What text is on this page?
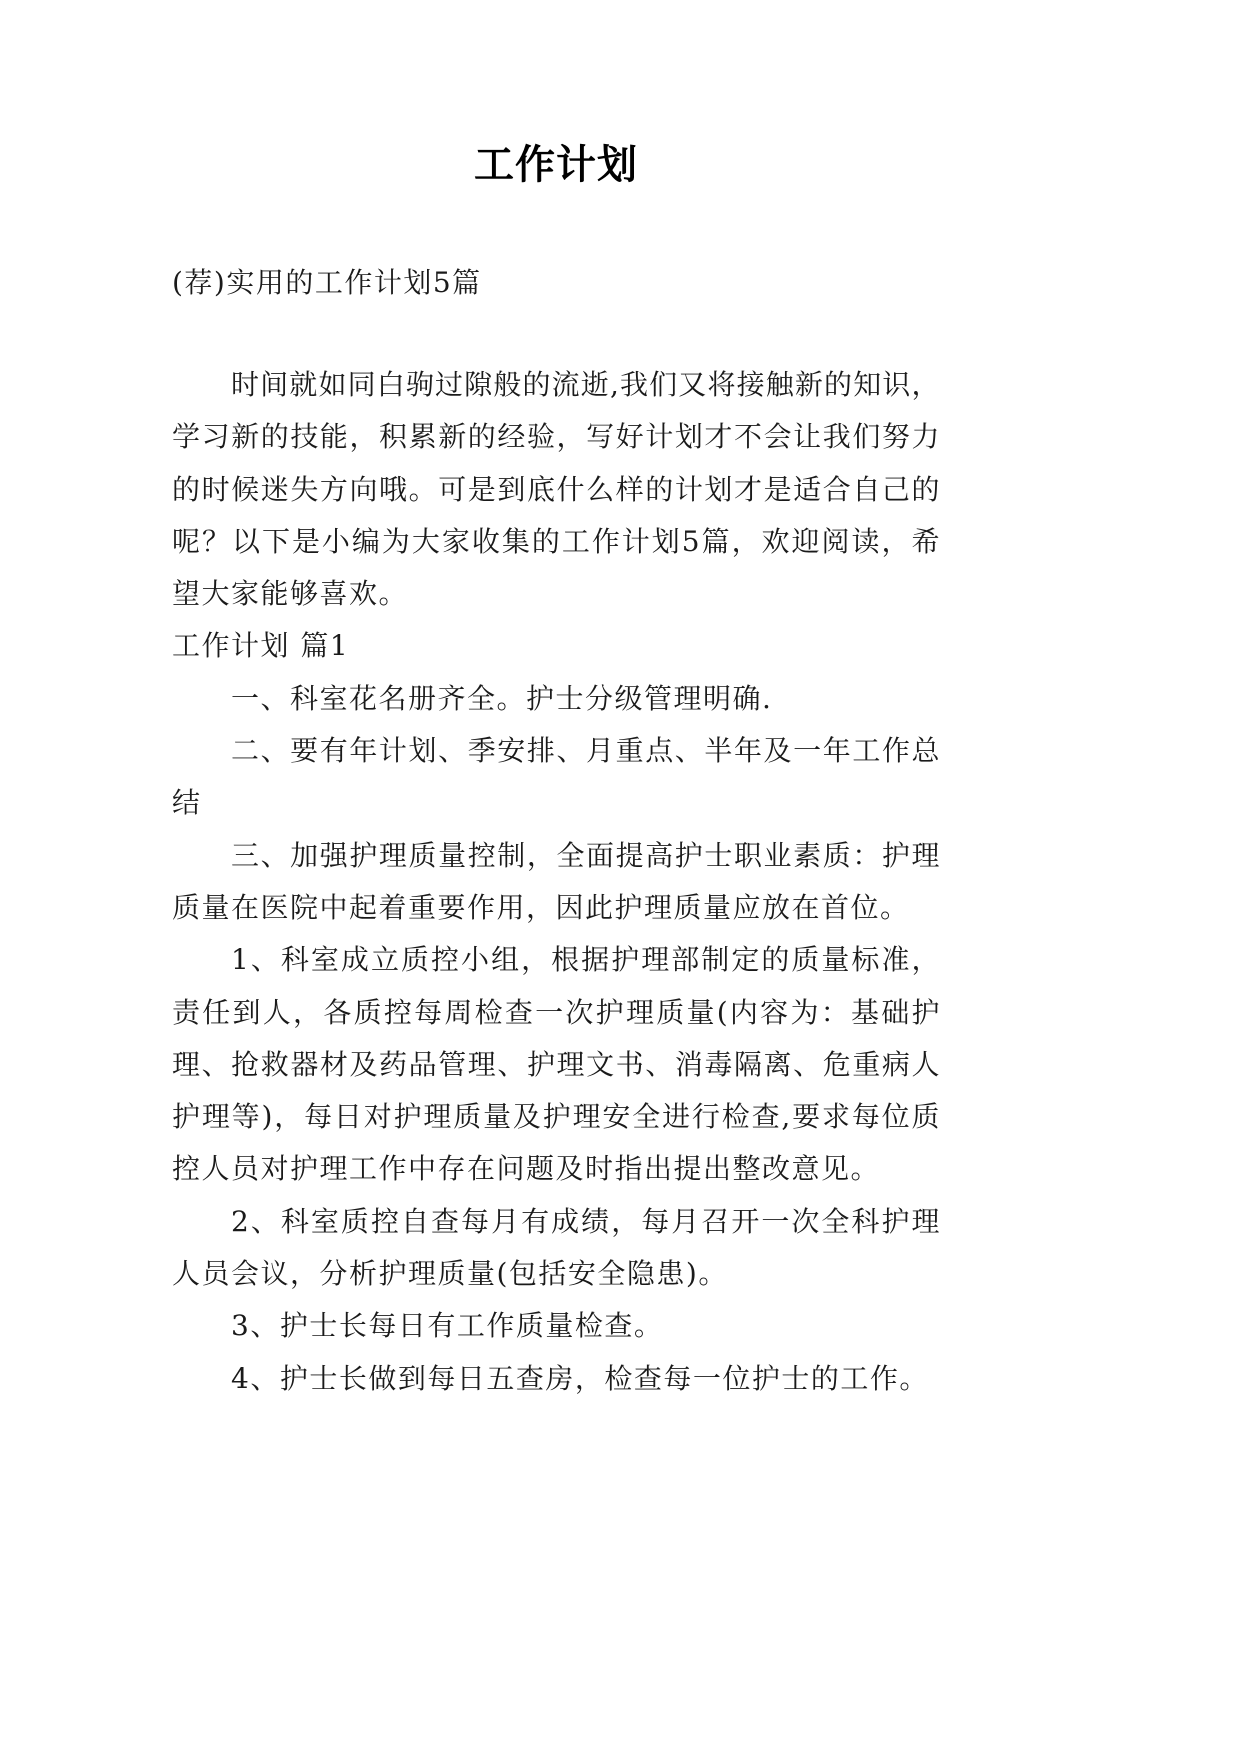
工作计划
(荐)实用的工作计划5篇
时间就如同白驹过隙般的流逝,我们又将接触新的知识，
学习新的技能，积累新的经验，写好计划才不会让我们努力
的时候迷失方向哦。可是到底什么样的计划才是适合自己的
呢？以下是小编为大家收集的工作计划5篇，欢迎阅读，希
望大家能够喜欢。
工作计划 篇1
一、科室花名册齐全。护士分级管理明确.
二、要有年计划、季安排、月重点、半年及一年工作总
结
三、加强护理质量控制，全面提高护士职业素质：护理
质量在医院中起着重要作用，因此护理质量应放在首位。
1、科室成立质控小组，根据护理部制定的质量标准，
责任到人，各质控每周检查一次护理质量(内容为：基础护
理、抢救器材及药品管理、护理文书、消毒隔离、危重病人
护理等)，每日对护理质量及护理安全进行检查,要求每位质
控人员对护理工作中存在问题及时指出提出整改意见。
2、科室质控自查每月有成绩，每月召开一次全科护理
人员会议，分析护理质量(包括安全隐患)。
3、护士长每日有工作质量检查。
4、护士长做到每日五查房，检查每一位护士的工作。
